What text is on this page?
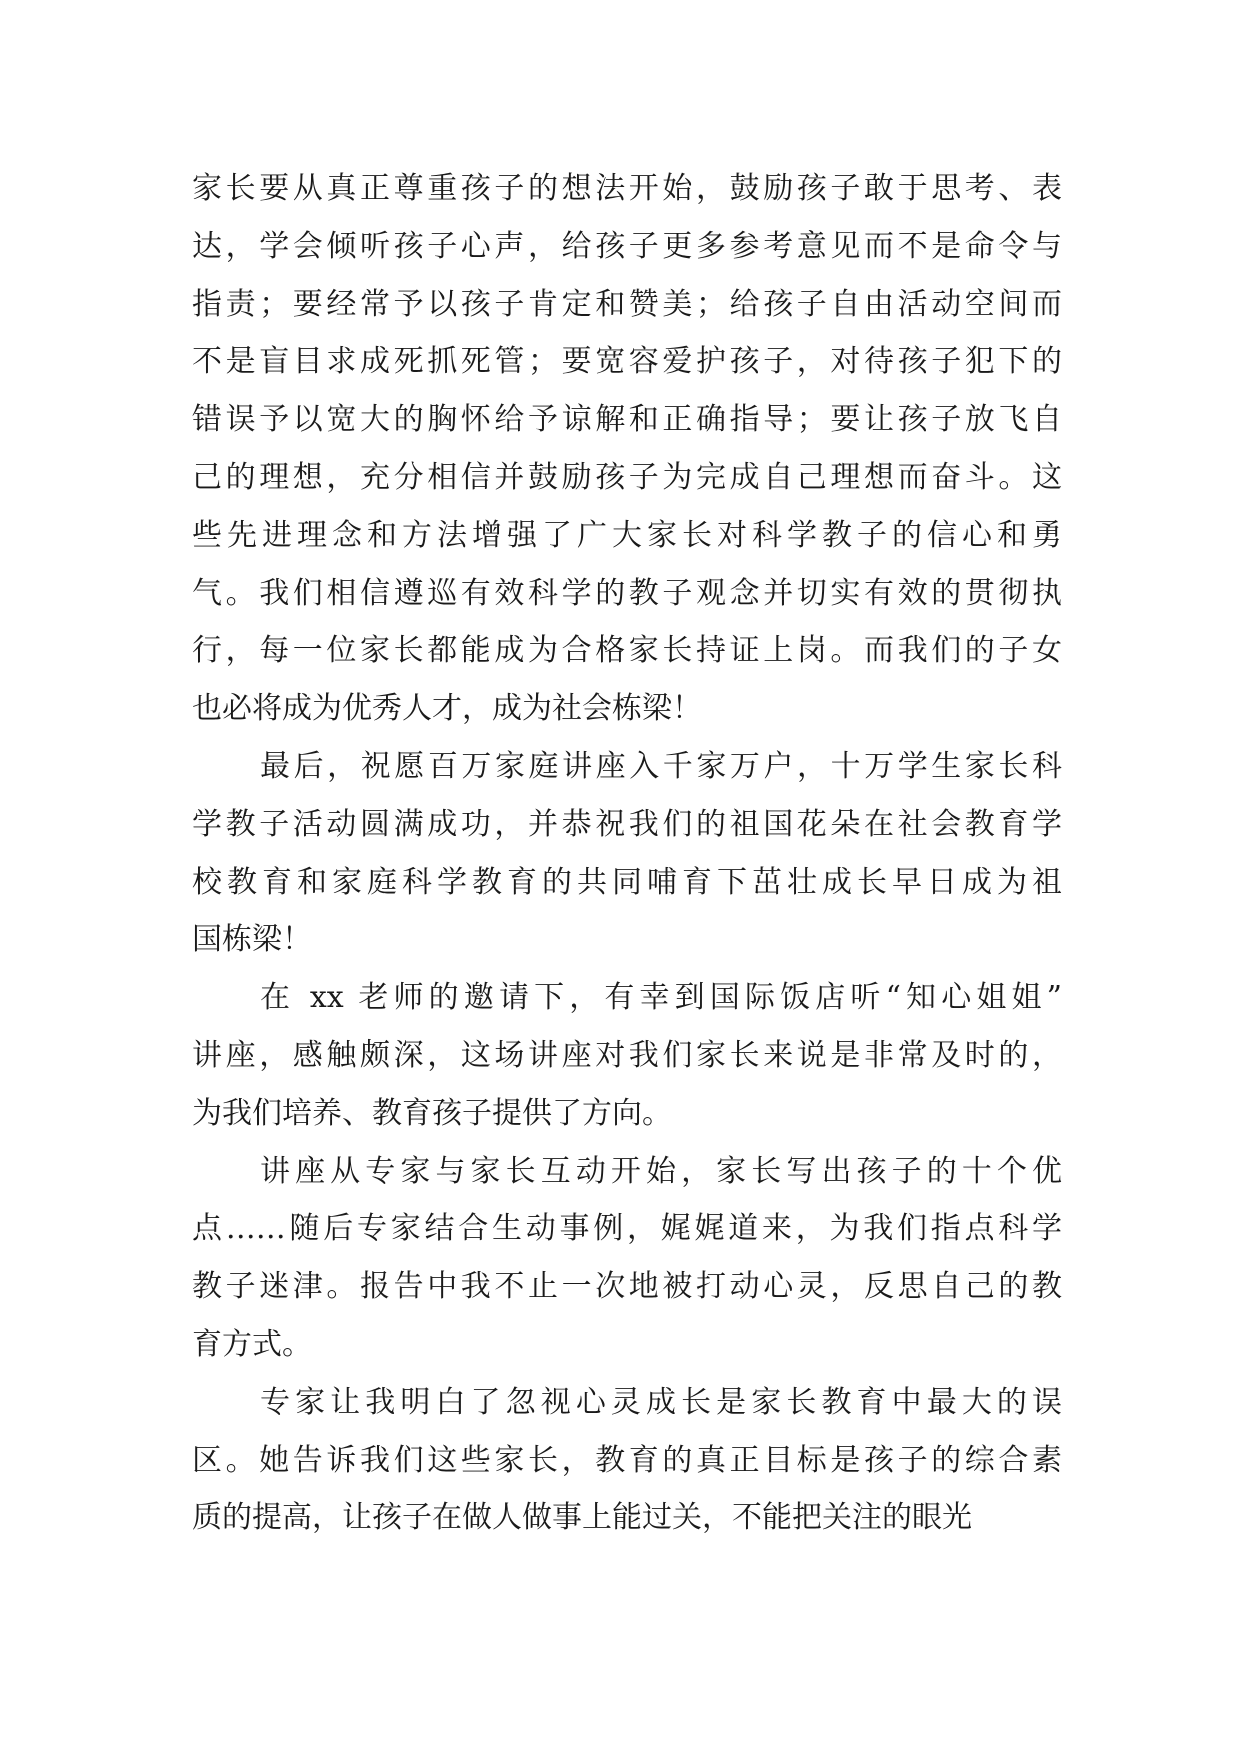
家长要从真正尊重孩子的想法开始，鼓励孩子敢于思考、表
达，学会倾听孩子心声，给孩子更多参考意见而不是命令与
指责；要经常予以孩子肯定和赞美；给孩子自由活动空间而
不是盲目求成死抓死管；要宽容爱护孩子，对待孩子犯下的
错误予以宽大的胸怀给予谅解和正确指导；要让孩子放飞自
己的理想，充分相信并鼓励孩子为完成自己理想而奋斗。这
些先进理念和方法增强了广大家长对科学教子的信心和勇
气。我们相信遵巡有效科学的教子观念并切实有效的贯彻执
行，每一位家长都能成为合格家长持证上岗。而我们的子女
也必将成为优秀人才，成为社会栋梁！
最后，祝愿百万家庭讲座入千家万户，十万学生家长科
学教子活动圆满成功，并恭祝我们的祖国花朵在社会教育学
校教育和家庭科学教育的共同哺育下茁壮成长早日成为祖
国栋梁！
在 xx 老师的邀请下，有幸到国际饭店听“知心姐姐”
讲座，感触颇深，这场讲座对我们家长来说是非常及时的，
为我们培养、教育孩子提供了方向。
讲座从专家与家长互动开始，家长写出孩子的十个优
点……随后专家结合生动事例，娓娓道来，为我们指点科学
教子迷津。报告中我不止一次地被打动心灵，反思自己的教
育方式。
专家让我明白了忽视心灵成长是家长教育中最大的误
区。她告诉我们这些家长，教育的真正目标是孩子的综合素
质的提高，让孩子在做人做事上能过关，不能把关注的眼光
